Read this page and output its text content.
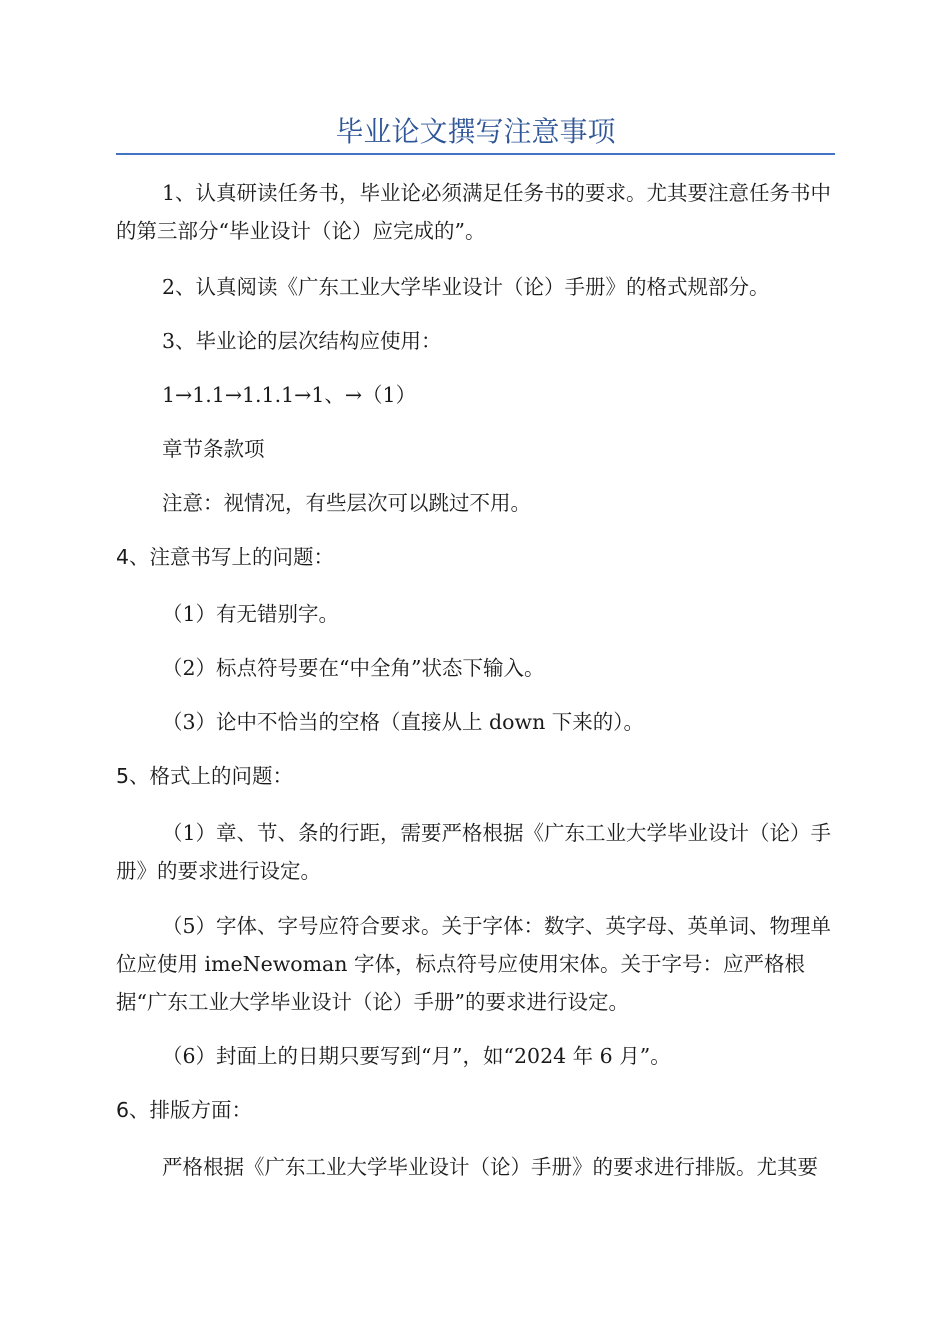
毕业论文撰写注意事项

1、认真研读任务书，毕业论必须满足任务书的要求。尤其要注意任务书中的第三部分“毕业设计（论）应完成的”。

2、认真阅读《广东工业大学毕业设计（论）手册》的格式规部分。

3、毕业论的层次结构应使用：

1→1.1→1.1.1→1、→（1）

章节条款项

注意：视情况，有些层次可以跳过不用。

4、注意书写上的问题：

（1）有无错别字。

（2）标点符号要在“中全角”状态下输入。

（3）论中不恰当的空格（直接从上 down 下来的）。

5、格式上的问题：

（1）章、节、条的行距，需要严格根据《广东工业大学毕业设计（论）手册》的要求进行设定。

（5）字体、字号应符合要求。关于字体：数字、英字母、英单词、物理单位应使用 imeNewoman 字体，标点符号应使用宋体。关于字号：应严格根据“广东工业大学毕业设计（论）手册”的要求进行设定。

（6）封面上的日期只要写到“月”，如“2024 年 6 月”。

6、排版方面：

严格根据《广东工业大学毕业设计（论）手册》的要求进行排版。尤其要
